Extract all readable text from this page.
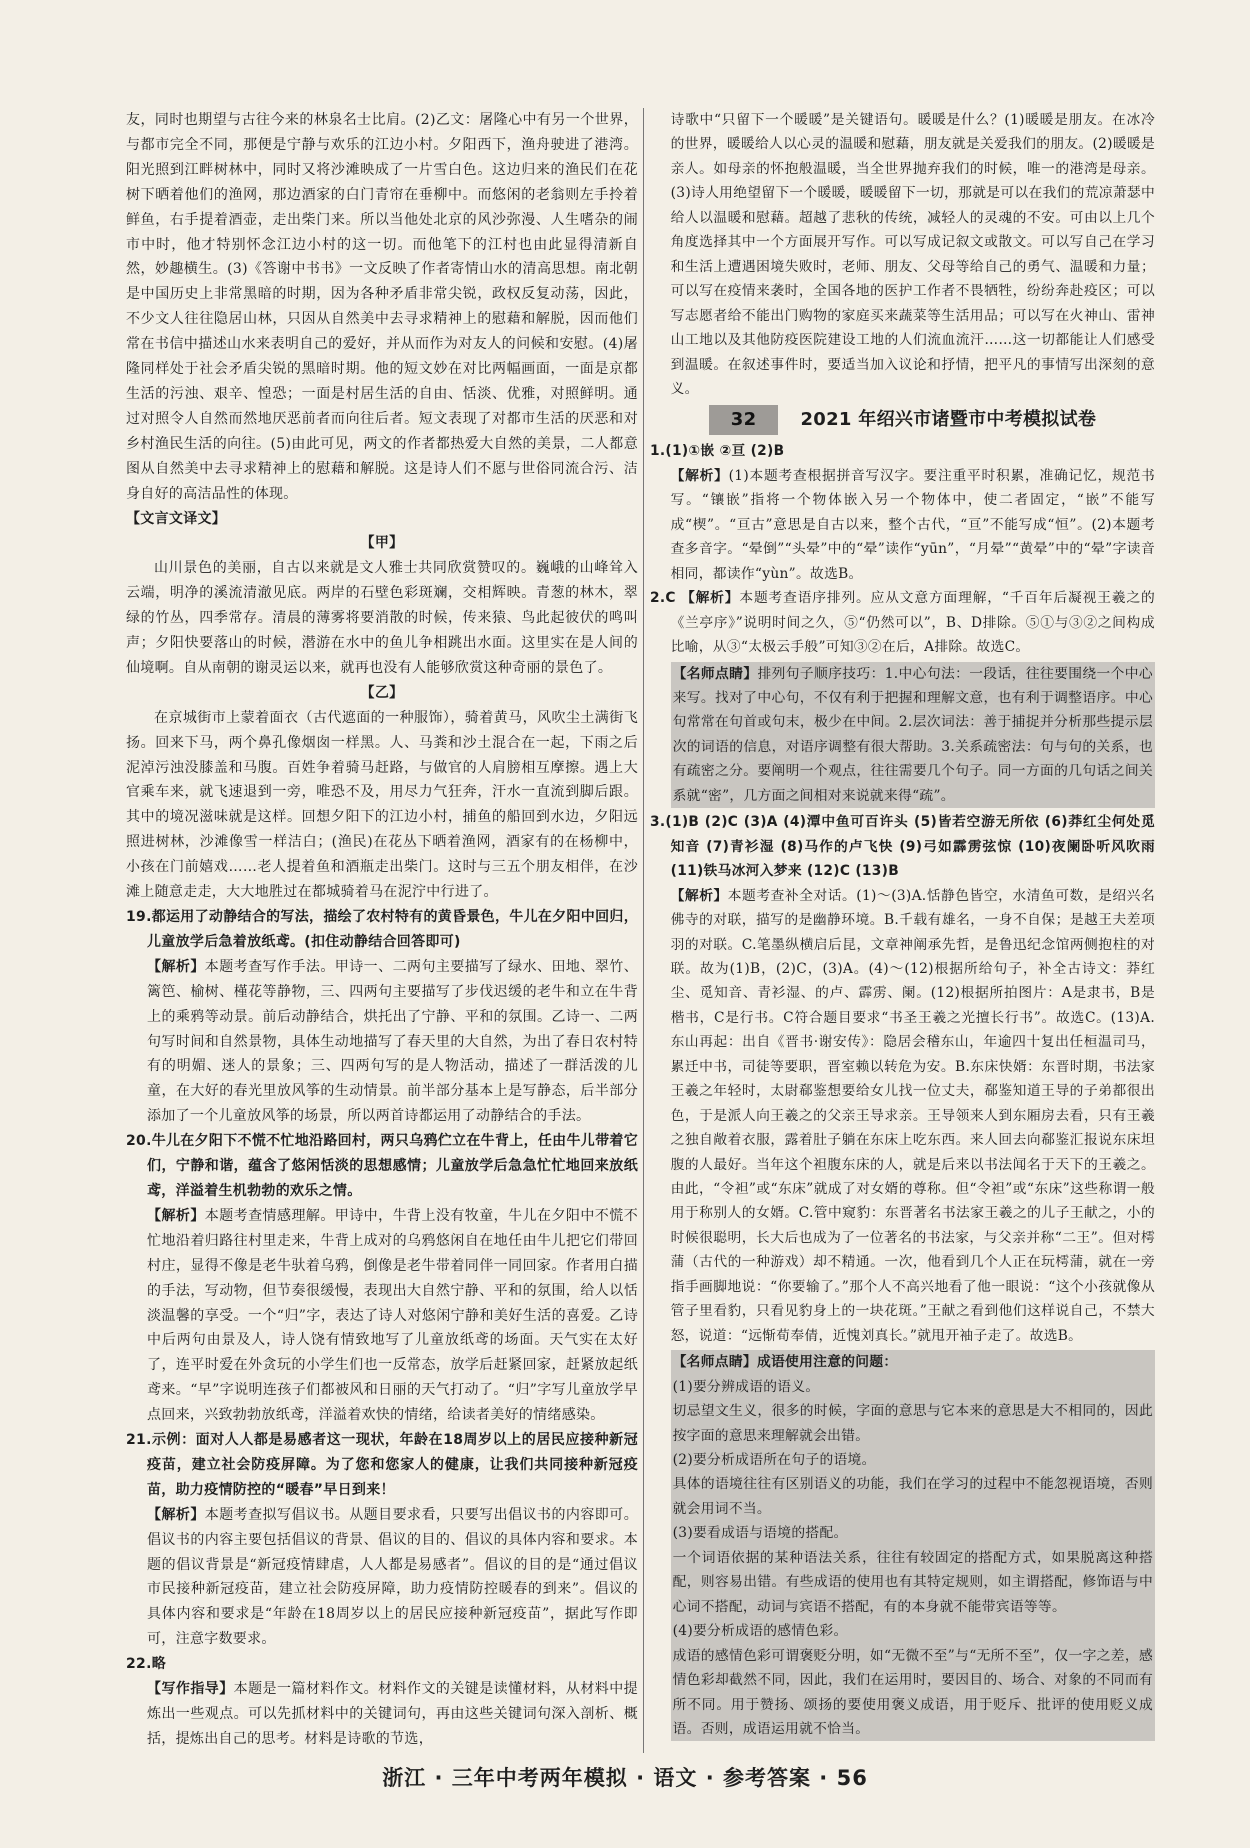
友，同时也期望与古往今来的林泉名士比肩。(2)乙文：屠隆心中有另一个世界，与都市完全不同，那便是宁静与欢乐的江边小村。夕阳西下，渔舟驶进了港湾。阳光照到江畔树林中，同时又将沙滩映成了一片雪白色。这边归来的渔民们在花树下晒着他们的渔网，那边酒家的白门青帘在垂柳中。而悠闲的老翁则左手拎着鲜鱼，右手提着酒壶，走出柴门来。所以当他处北京的风沙弥漫、人生嗜杂的闹市中时，他才特别怀念江边小村的这一切。而他笔下的江村也由此显得清新自然，妙趣横生。(3)《答谢中书书》一文反映了作者寄情山水的清高思想。南北朝是中国历史上非常黑暗的时期，因为各种矛盾非常尖锐，政权反复动荡，因此，不少文人往往隐居山林，只因从自然美中去寻求精神上的慰藉和解脱，因而他们常在书信中描述山水来表明自己的爱好，并从而作为对友人的问候和安慰。(4)屠隆同样处于社会矛盾尖锐的黑暗时期。他的短文妙在对比两幅画面，一面是京都生活的污浊、艰辛、惶恐；一面是村居生活的自由、恬淡、优雅，对照鲜明。通过对照令人自然而然地厌恶前者而向往后者。短文表现了对都市生活的厌恶和对乡村渔民生活的向往。(5)由此可见，两文的作者都热爱大自然的美景，二人都意图从自然美中去寻求精神上的慰藉和解脱。这是诗人们不愿与世俗同流合污、洁身自好的高洁品性的体现。

【文言文译文】

【甲】

山川景色的美丽，自古以来就是文人雅士共同欣赏赞叹的。巍峨的山峰耸入云端，明净的溪流清澈见底。两岸的石壁色彩斑斓，交相辉映。青葱的林木，翠绿的竹丛，四季常存。清晨的薄雾将要消散的时候，传来猿、鸟此起彼伏的鸣叫声；夕阳快要落山的时候，潜游在水中的鱼儿争相跳出水面。这里实在是人间的仙境啊。自从南朝的谢灵运以来，就再也没有人能够欣赏这种奇丽的景色了。

【乙】

在京城街市上蒙着面衣（古代遮面的一种服饰），骑着黄马，风吹尘土满街飞扬。回来下马，两个鼻孔像烟囱一样黑。人、马粪和沙土混合在一起，下雨之后泥淖污浊没膝盖和马腹。百姓争着骑马赶路，与做官的人肩膀相互摩擦。遇上大官乘车来，就飞速退到一旁，唯恐不及，用尽力气狂奔，汗水一直流到脚后跟。其中的境况滋味就是这样。回想夕阳下的江边小村，捕鱼的船回到水边，夕阳远照进树林，沙滩像雪一样洁白；(渔民)在花丛下晒着渔网，酒家有的在杨柳中，小孩在门前嬉戏……老人提着鱼和酒瓶走出柴门。这时与三五个朋友相伴，在沙滩上随意走走，大大地胜过在都城骑着马在泥泞中行进了。

19.都运用了动静结合的写法，描绘了农村特有的黄昏景色，牛儿在夕阳中回归，儿童放学后急着放纸鸢。(扣住动静结合回答即可)

【解析】本题考查写作手法。甲诗一、二两句主要描写了绿水、田地、翠竹、篱笆、榆树、槿花等静物，三、四两句主要描写了步伐迟缓的老牛和立在牛背上的乘鸦等动景。前后动静结合，烘托出了宁静、平和的氛围。乙诗一、二两句写时间和自然景物，具体生动地描写了春天里的大自然，为出了春日农村特有的明媚、迷人的景象；三、四两句写的是人物活动，描述了一群活泼的儿童，在大好的春光里放风筝的生动情景。前半部分基本上是写静态，后半部分添加了一个儿童放风筝的场景，所以两首诗都运用了动静结合的手法。

20.牛儿在夕阳下不慌不忙地沿路回村，两只乌鸦伫立在牛背上，任由牛儿带着它们，宁静和谐，蕴含了悠闲恬淡的思想感情；儿童放学后急急忙忙地回来放纸鸢，洋溢着生机勃勃的欢乐之情。

【解析】本题考查情感理解。甲诗中，牛背上没有牧童，牛儿在夕阳中不慌不忙地沿着归路往村里走来，牛背上成对的乌鸦悠闲自在地任由牛儿把它们带回村庄，显得不像是老牛驮着乌鸦，倒像是老牛带着同伴一同回家。作者用白描的手法，写动物，但节奏很缓慢，表现出大自然宁静、平和的氛围，给人以恬淡温馨的享受。一个“归”字，表达了诗人对悠闲宁静和美好生活的喜爱。乙诗中后两句由景及人，诗人饶有情致地写了儿童放纸鸢的场面。天气实在太好了，连平时爱在外贪玩的小学生们也一反常态，放学后赶紧回家，赶紧放起纸鸢来。“早”字说明连孩子们都被风和日丽的天气打动了。“归”字写儿童放学早点回来，兴致勃勃放纸鸢，洋溢着欢快的情绪，给读者美好的情绪感染。

21.示例：面对人人都是易感者这一现状，年龄在18周岁以上的居民应接种新冠疫苗，建立社会防疫屏障。为了您和您家人的健康，让我们共同接种新冠疫苗，助力疫情防控的“暖春”早日到来！

【解析】本题考查拟写倡议书。从题目要求看，只要写出倡议书的内容即可。倡议书的内容主要包括倡议的背景、倡议的目的、倡议的具体内容和要求。本题的倡议背景是“新冠疫情肆虐，人人都是易感者”。倡议的目的是“通过倡议市民接种新冠疫苗，建立社会防疫屏障，助力疫情防控暖春的到来”。倡议的具体内容和要求是“年龄在18周岁以上的居民应接种新冠疫苗”，据此写作即可，注意字数要求。

22.略

【写作指导】本题是一篇材料作文。材料作文的关键是读懂材料，从材料中提炼出一些观点。可以先抓材料中的关键词句，再由这些关键词句深入剖析、概括，提炼出自己的思考。材料是诗歌的节选，

诗歌中“只留下一个暖暖”是关键语句。暖暖是什么？(1)暖暖是朋友。在冰冷的世界，暖暖给人以心灵的温暖和慰藉，朋友就是关爱我们的朋友。(2)暖暖是亲人。如母亲的怀抱般温暖，当全世界抛弃我们的时候，唯一的港湾是母亲。(3)诗人用绝望留下一个暖暖，暖暖留下一切，那就是可以在我们的荒凉萧瑟中给人以温暖和慰藉。超越了悲秋的传统，减轻人的灵魂的不安。可由以上几个角度选择其中一个方面展开写作。可以写成记叙文或散文。可以写自己在学习和生活上遭遇困境失败时，老师、朋友、父母等给自己的勇气、温暖和力量；可以写在疫情来袭时，全国各地的医护工作者不畏牺牲，纷纷奔赴疫区；可以写志愿者给不能出门购物的家庭买来蔬菜等生活用品；可以写在火神山、雷神山工地以及其他防疫医院建设工地的人们流血流汗……这一切都能让人们感受到温暖。在叙述事件时，要适当加入议论和抒情，把平凡的事情写出深刻的意义。

32	2021 年绍兴市诸暨市中考模拟试卷

1.(1)①嵌 ②亘 (2)B

【解析】(1)本题考查根据拼音写汉字。要注重平时积累，准确记忆，规范书写。“镶嵌”指将一个物体嵌入另一个物体中，使二者固定，“嵌”不能写成“楔”。“亘古”意思是自古以来，整个古代，“亘”不能写成“恒”。(2)本题考查多音字。“晕倒”“头晕”中的“晕”读作“yūn”，“月晕”“黄晕”中的“晕”字读音相同，都读作“yùn”。故选B。

2.C 【解析】本题考查语序排列。应从文意方面理解，“千百年后凝视王羲之的《兰亭序》”说明时间之久，⑤“仍然可以”，B、D排除。⑤①与③②之间构成比喻，从③“太极云手般”可知③②在后，A排除。故选C。

【名师点睛】排列句子顺序技巧：1.中心句法：一段话，往往要围绕一个中心来写。找对了中心句，不仅有利于把握和理解文意，也有利于调整语序。中心句常常在句首或句末，极少在中间。2.层次词法：善于捕捉并分析那些提示层次的词语的信息，对语序调整有很大帮助。3.关系疏密法：句与句的关系，也有疏密之分。要阐明一个观点，往往需要几个句子。同一方面的几句话之间关系就“密”，几方面之间相对来说就来得“疏”。

3.(1)B (2)C (3)A (4)潭中鱼可百许头 (5)皆若空游无所依 (6)莽红尘何处觅知音 (7)青衫湿 (8)马作的卢飞快 (9)弓如霹雳弦惊 (10)夜阑卧听风吹雨 (11)铁马冰河入梦来 (12)C (13)B

【解析】本题考查补全对话。(1)～(3)A.恬静色皆空，水清鱼可数，是绍兴名佛寺的对联，描写的是幽静环境。B.千载有雄名，一身不自保；是越王夫差项羽的对联。C.笔墨纵横启后昆，文章神阐承先哲，是鲁迅纪念馆两侧抱柱的对联。故为(1)B，(2)C，(3)A。(4)～(12)根据所给句子，补全古诗文：莽红尘、觅知音、青衫湿、的卢、霹雳、阑。(12)根据所拍图片：A是隶书，B是楷书，C是行书。C符合题目要求“书圣王羲之光擅长行书”。故选C。(13)A.东山再起：出自《晋书·谢安传》：隐居会稽东山，年逾四十复出任桓温司马，累迁中书，司徒等要职，晋室赖以转危为安。B.东床快婿：东晋时期，书法家王羲之年轻时，太尉郗鉴想要给女儿找一位丈夫，郗鉴知道王导的子弟都很出色，于是派人向王羲之的父亲王导求亲。王导领来人到东厢房去看，只有王羲之独自敞着衣服，露着肚子躺在东床上吃东西。来人回去向郗鉴汇报说东床坦腹的人最好。当年这个袒腹东床的人，就是后来以书法闻名于天下的王羲之。由此，“令袒”或“东床”就成了对女婿的尊称。但“令袒”或“东床”这些称谓一般用于称别人的女婿。C.管中窥豹：东晋著名书法家王羲之的儿子王献之，小的时候很聪明，长大后也成为了一位著名的书法家，与父亲并称“二王”。但对樗蒲（古代的一种游戏）却不精通。一次，他看到几个人正在玩樗蒲，就在一旁指手画脚地说：“你要输了。”那个人不高兴地看了他一眼说：“这个小孩就像从管子里看豹，只看见豹身上的一块花斑。”王献之看到他们这样说自己，不禁大怒，说道：“远惭荀奉倩，近愧刘真长。”就甩开袖子走了。故选B。

【名师点睛】成语使用注意的问题：

(1)要分辨成语的语义。

切忌望文生义，很多的时候，字面的意思与它本来的意思是大不相同的，因此按字面的意思来理解就会出错。

(2)要分析成语所在句子的语境。

具体的语境往往有区别语义的功能，我们在学习的过程中不能忽视语境，否则就会用词不当。

(3)要看成语与语境的搭配。

一个词语依据的某种语法关系，往往有较固定的搭配方式，如果脱离这种搭配，则容易出错。有些成语的使用也有其特定规则，如主谓搭配，修饰语与中心词不搭配，动词与宾语不搭配，有的本身就不能带宾语等等。

(4)要分析成语的感情色彩。

成语的感情色彩可谓褒贬分明，如“无微不至”与“无所不至”，仅一字之差，感情色彩却截然不同，因此，我们在运用时，要因目的、场合、对象的不同而有所不同。用于赞扬、颂扬的要使用褒义成语，用于贬斥、批评的使用贬义成语。否则，成语运用就不恰当。

浙江 · 三年中考两年模拟 · 语文 · 参考答案 · 56
